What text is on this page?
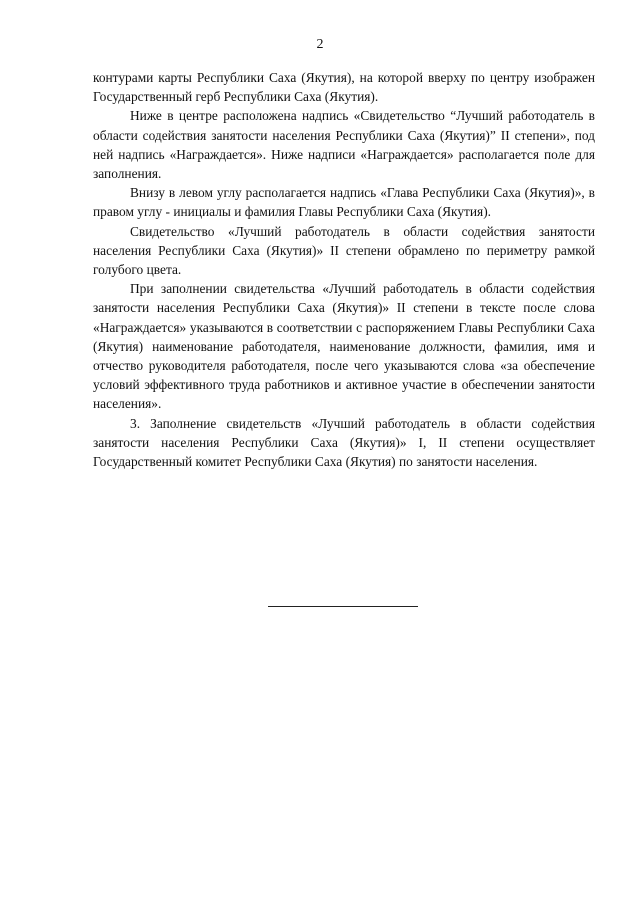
2

контурами карты Республики Саха (Якутия), на которой вверху по центру изображен Государственный герб Республики Саха (Якутия).

Ниже в центре расположена надпись «Свидетельство “Лучший работодатель в области содействия занятости населения Республики Саха (Якутия)” II степени», под ней надпись «Награждается». Ниже надписи «Награждается» располагается поле для заполнения.

Внизу в левом углу располагается надпись «Глава Республики Саха (Якутия)», в правом углу - инициалы и фамилия Главы Республики Саха (Якутия).

Свидетельство «Лучший работодатель в области содействия занятости населения Республики Саха (Якутия)» II степени обрамлено по периметру рамкой голубого цвета.

При заполнении свидетельства «Лучший работодатель в области содействия занятости населения Республики Саха (Якутия)» II степени в тексте после слова «Награждается» указываются в соответствии с распоряжением Главы Республики Саха (Якутия) наименование работодателя, наименование должности, фамилия, имя и отчество руководителя работодателя, после чего указываются слова «за обеспечение условий эффективного труда работников и активное участие в обеспечении занятости населения».

3. Заполнение свидетельств «Лучший работодатель в области содействия занятости населения Республики Саха (Якутия)» I, II степени осуществляет Государственный комитет Республики Саха (Якутия) по занятости населения.
